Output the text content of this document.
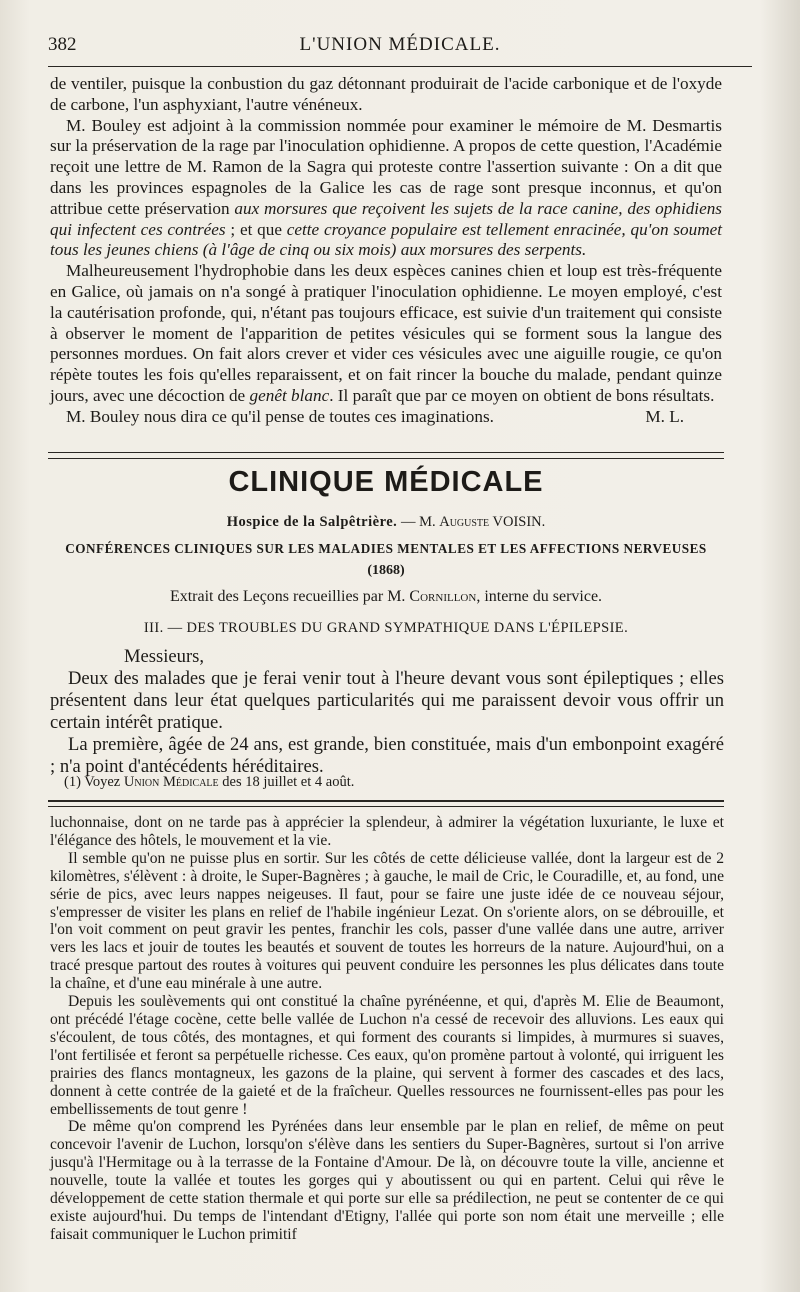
382	L'UNION MÉDICALE.

de ventiler, puisque la conbustion du gaz détonnant produirait de l'acide carbonique et de l'oxyde de carbone, l'un asphyxiant, l'autre vénéneux.

M. Bouley est adjoint à la commission nommée pour examiner le mémoire de M. Desmartis sur la préservation de la rage par l'inoculation ophidienne. A propos de cette question, l'Académie reçoit une lettre de M. Ramon de la Sagra qui proteste contre l'assertion suivante : On a dit que dans les provinces espagnoles de la Galice les cas de rage sont presque inconnus, et qu'on attribue cette préservation aux morsures que reçoivent les sujets de la race canine, des ophidiens qui infectent ces contrées ; et que cette croyance populaire est tellement enracinée, qu'on soumet tous les jeunes chiens (à l'âge de cinq ou six mois) aux morsures des serpents.

Malheureusement l'hydrophobie dans les deux espèces canines chien et loup est très-fréquente en Galice, où jamais on n'a songé à pratiquer l'inoculation ophidienne. Le moyen employé, c'est la cautérisation profonde, qui, n'étant pas toujours efficace, est suivie d'un traitement qui consiste à observer le moment de l'apparition de petites vésicules qui se forment sous la langue des personnes mordues. On fait alors crever et vider ces vésicules avec une aiguille rougie, ce qu'on répète toutes les fois qu'elles reparaissent, et on fait rincer la bouche du malade, pendant quinze jours, avec une décoction de genêt blanc. Il paraît que par ce moyen on obtient de bons résultats.

M. Bouley nous dira ce qu'il pense de toutes ces imaginations.	M. L.

CLINIQUE MÉDICALE
Hospice de la Salpêtrière. — M. Auguste VOISIN.
CONFÉRENCES CLINIQUES SUR LES MALADIES MENTALES ET LES AFFECTIONS NERVEUSES
(1868)
Extrait des Leçons recueillies par M. Cornillon, interne du service.
III. — DES TROUBLES DU GRAND SYMPATHIQUE DANS L'ÉPILEPSIE.

Messieurs,

Deux des malades que je ferai venir tout à l'heure devant vous sont épileptiques ; elles présentent dans leur état quelques particularités qui me paraissent devoir vous offrir un certain intérêt pratique.

La première, âgée de 24 ans, est grande, bien constituée, mais d'un embonpoint exagéré ; n'a point d'antécédents héréditaires.

(1) Voyez Union Médicale des 18 juillet et 4 août.

luchonnaise, dont on ne tarde pas à apprécier la splendeur, à admirer la végétation luxuriante, le luxe et l'élégance des hôtels, le mouvement et la vie.

Il semble qu'on ne puisse plus en sortir. Sur les côtés de cette délicieuse vallée, dont la largeur est de 2 kilomètres, s'élèvent : à droite, le Super-Bagnères ; à gauche, le mail de Cric, le Couradille, et, au fond, une série de pics, avec leurs nappes neigeuses. Il faut, pour se faire une juste idée de ce nouveau séjour, s'empresser de visiter les plans en relief de l'habile ingénieur Lezat. On s'oriente alors, on se débrouille, et l'on voit comment on peut gravir les pentes, franchir les cols, passer d'une vallée dans une autre, arriver vers les lacs et jouir de toutes les beautés et souvent de toutes les horreurs de la nature. Aujourd'hui, on a tracé presque partout des routes à voitures qui peuvent conduire les personnes les plus délicates dans toute la chaîne, et d'une eau minérale à une autre.

Depuis les soulèvements qui ont constitué la chaîne pyrénéenne, et qui, d'après M. Elie de Beaumont, ont précédé l'étage cocène, cette belle vallée de Luchon n'a cessé de recevoir des alluvions. Les eaux qui s'écoulent, de tous côtés, des montagnes, et qui forment des courants si limpides, à murmures si suaves, l'ont fertilisée et feront sa perpétuelle richesse. Ces eaux, qu'on promène partout à volonté, qui irriguent les prairies des flancs montagneux, les gazons de la plaine, qui servent à former des cascades et des lacs, donnent à cette contrée de la gaieté et de la fraîcheur. Quelles ressources ne fournissent-elles pas pour les embellissements de tout genre !

De même qu'on comprend les Pyrénées dans leur ensemble par le plan en relief, de même on peut concevoir l'avenir de Luchon, lorsqu'on s'élève dans les sentiers du Super-Bagnères, surtout si l'on arrive jusqu'à l'Hermitage ou à la terrasse de la Fontaine d'Amour. De là, on découvre toute la ville, ancienne et nouvelle, toute la vallée et toutes les gorges qui y aboutissent ou qui en partent. Celui qui rêve le développement de cette station thermale et qui porte sur elle sa prédilection, ne peut se contenter de ce qui existe aujourd'hui. Du temps de l'intendant d'Etigny, l'allée qui porte son nom était une merveille ; elle faisait communiquer le Luchon primitif
